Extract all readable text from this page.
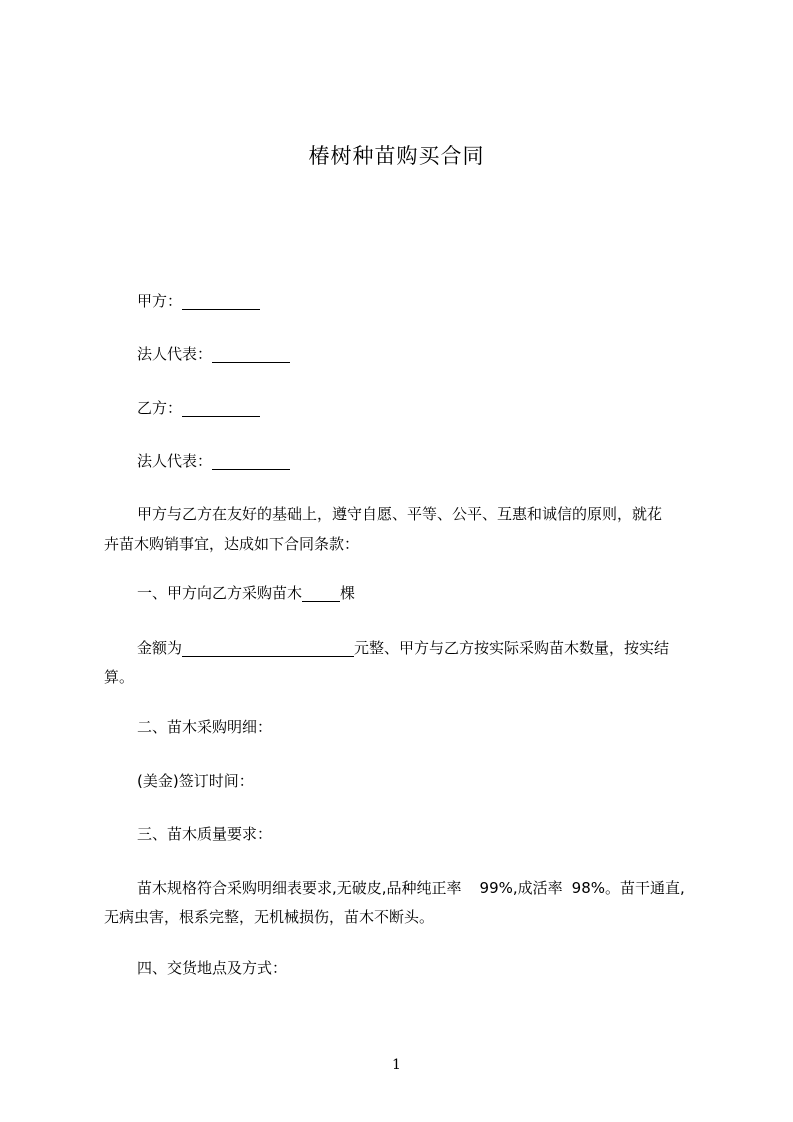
椿树种苗购买合同
甲方：
法人代表：
乙方：
法人代表：
甲方与乙方在友好的基础上，遵守自愿、平等、公平、互惠和诚信的原则，就花
卉苗木购销事宜，达成如下合同条款：
一、甲方向乙方采购苗木	棵
金额为	元整、甲方与乙方按实际采购苗木数量，按实结
算。
二、苗木采购明细：
(美金)签订时间：
三、苗木质量要求：
苗木规格符合采购明细表要求,无破皮,品种纯正率 99%,成活率 98%。苗干通直,
无病虫害，根系完整，无机械损伤，苗木不断头。
四、交货地点及方式：
1
